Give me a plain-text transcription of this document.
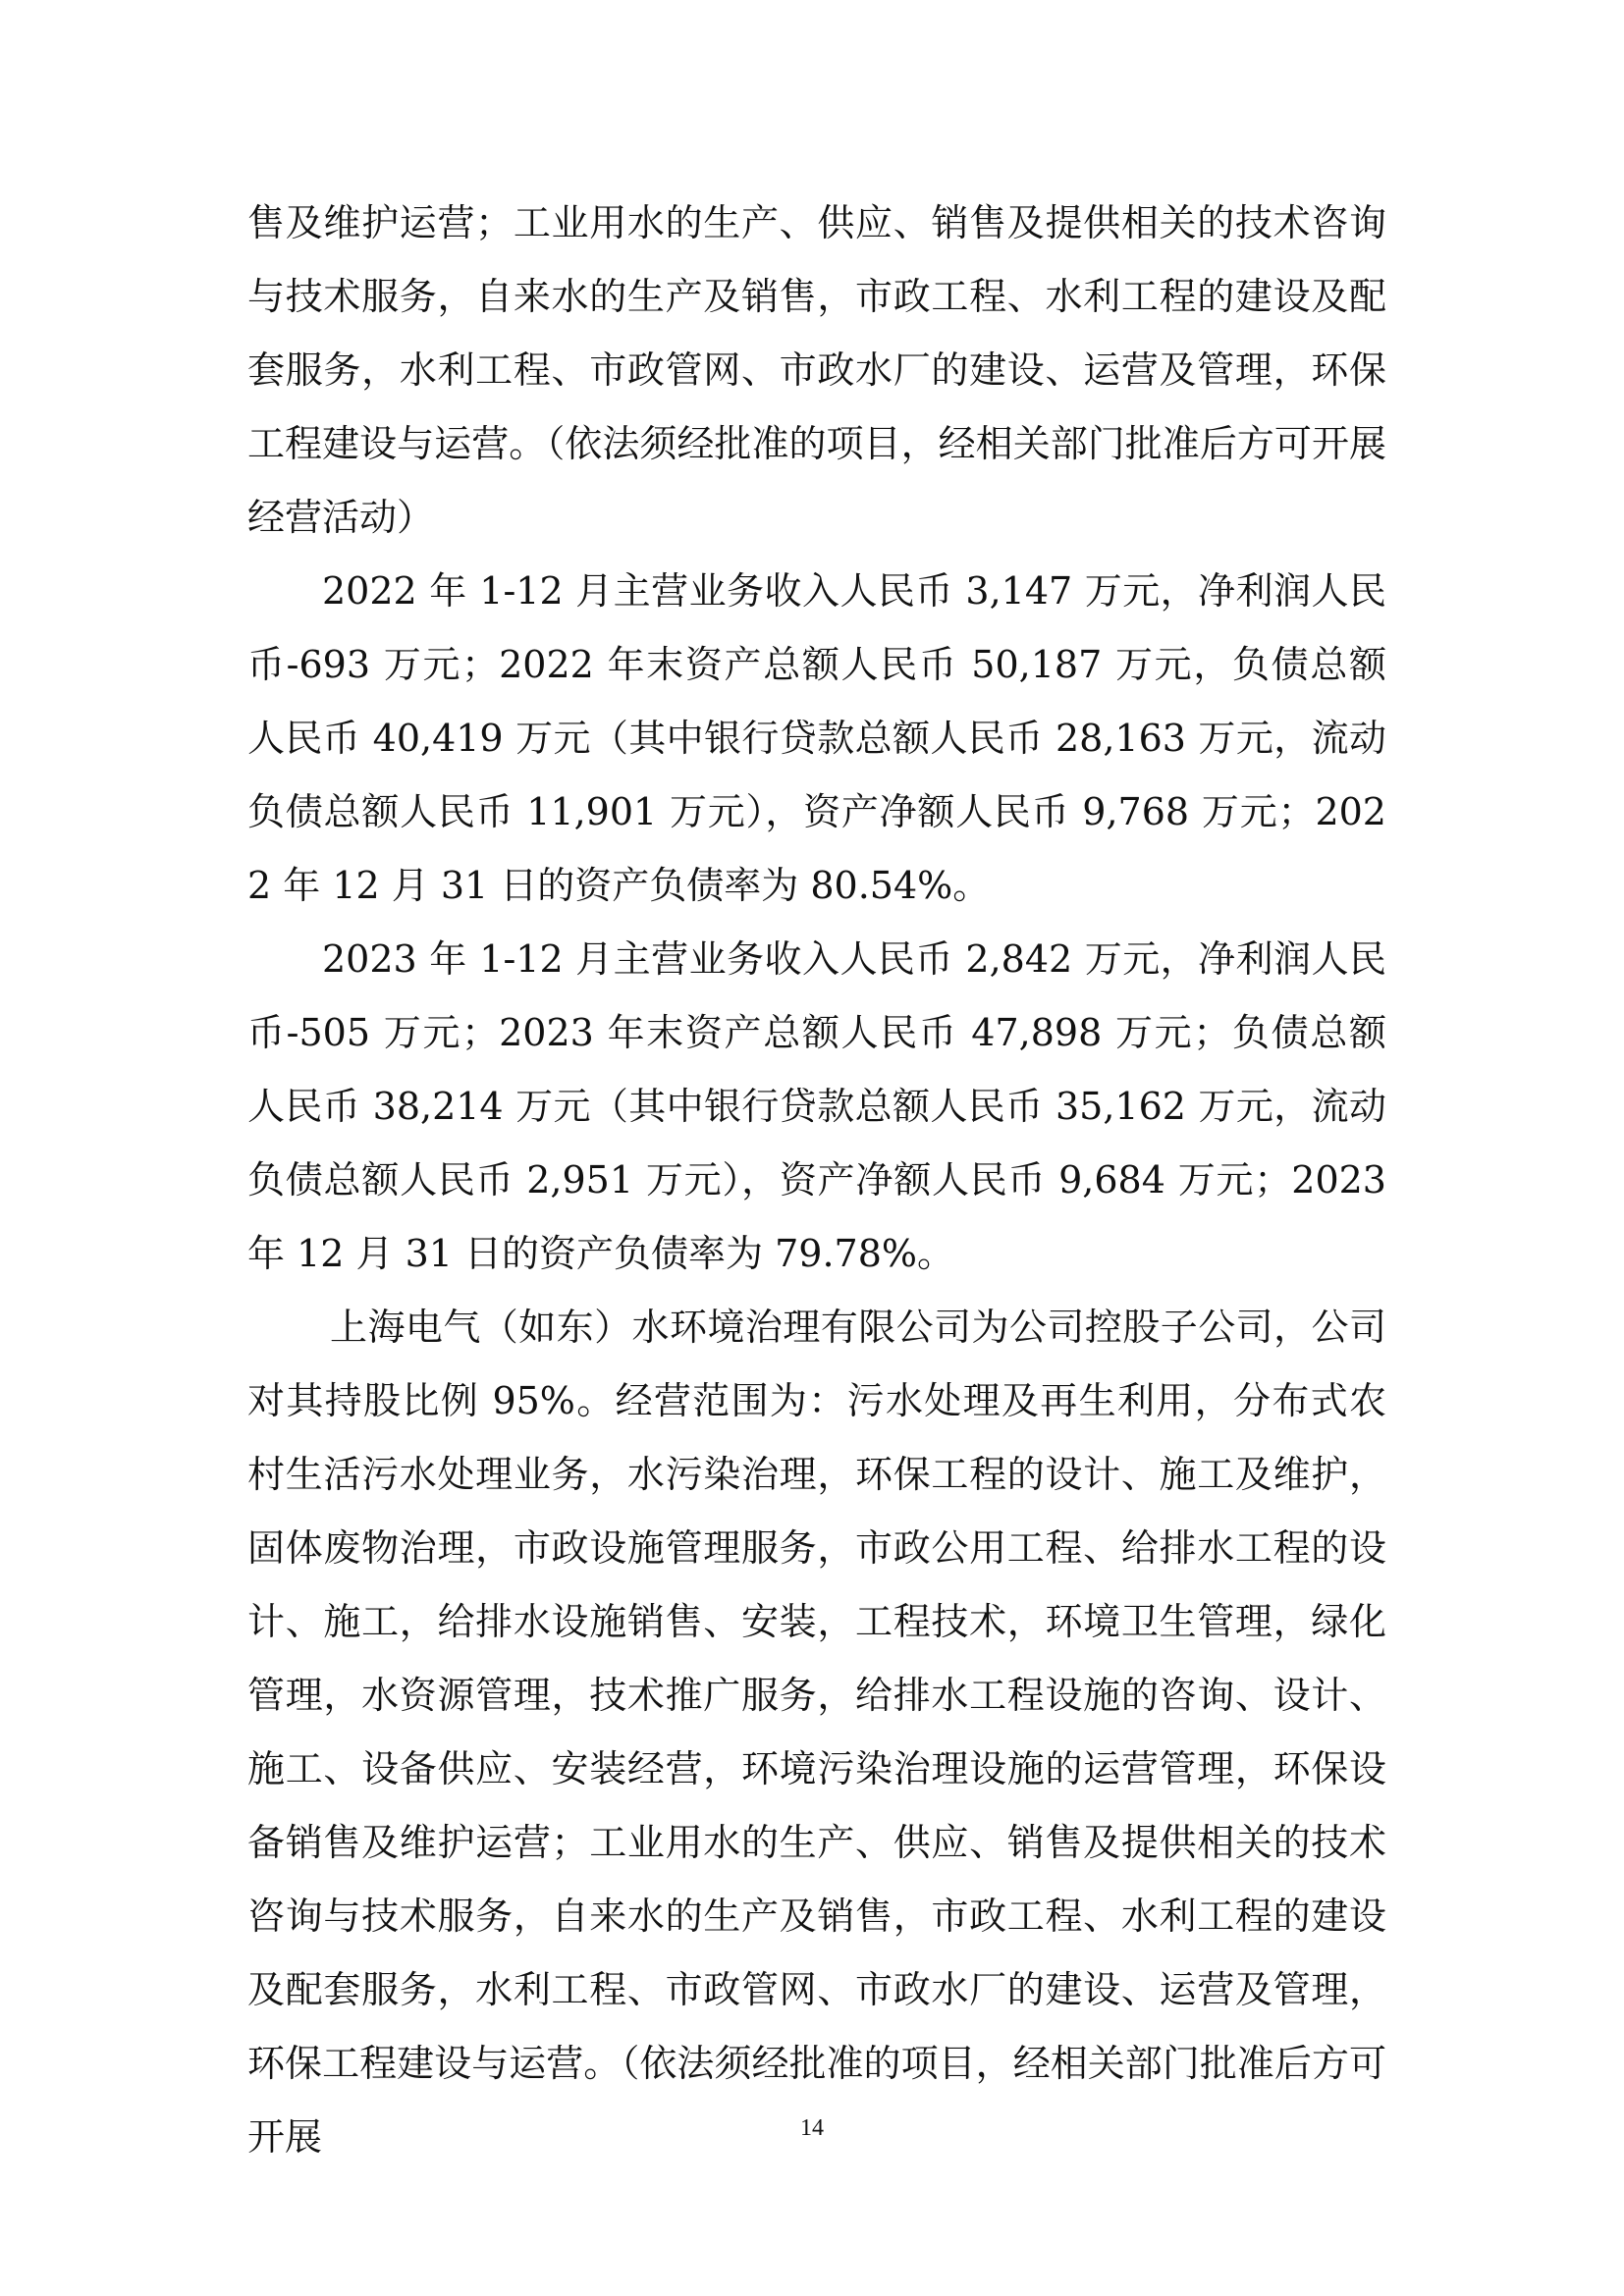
售及维护运营；工业用水的生产、供应、销售及提供相关的技术咨询与技术服务，自来水的生产及销售，市政工程、水利工程的建设及配套服务，水利工程、市政管网、市政水厂的建设、运营及管理，环保工程建设与运营。（依法须经批准的项目，经相关部门批准后方可开展经营活动）

2022 年 1-12 月主营业务收入人民币 3,147 万元，净利润人民币-693 万元；2022 年末资产总额人民币 50,187 万元，负债总额人民币 40,419 万元（其中银行贷款总额人民币 28,163 万元，流动负债总额人民币 11,901 万元），资产净额人民币 9,768 万元；2022 年 12 月 31 日的资产负债率为 80.54%。

2023 年 1-12 月主营业务收入人民币 2,842 万元，净利润人民币-505 万元；2023 年末资产总额人民币 47,898 万元；负债总额人民币 38,214 万元（其中银行贷款总额人民币 35,162 万元，流动负债总额人民币 2,951 万元），资产净额人民币 9,684 万元；2023 年 12 月 31 日的资产负债率为 79.78%。

上海电气（如东）水环境治理有限公司为公司控股子公司，公司对其持股比例 95%。经营范围为：污水处理及再生利用，分布式农村生活污水处理业务，水污染治理，环保工程的设计、施工及维护，固体废物治理，市政设施管理服务，市政公用工程、给排水工程的设计、施工，给排水设施销售、安装，工程技术，环境卫生管理，绿化管理，水资源管理，技术推广服务，给排水工程设施的咨询、设计、施工、设备供应、安装经营，环境污染治理设施的运营管理，环保设备销售及维护运营；工业用水的生产、供应、销售及提供相关的技术咨询与技术服务，自来水的生产及销售，市政工程、水利工程的建设及配套服务，水利工程、市政管网、市政水厂的建设、运营及管理，环保工程建设与运营。（依法须经批准的项目，经相关部门批准后方可开展	14
